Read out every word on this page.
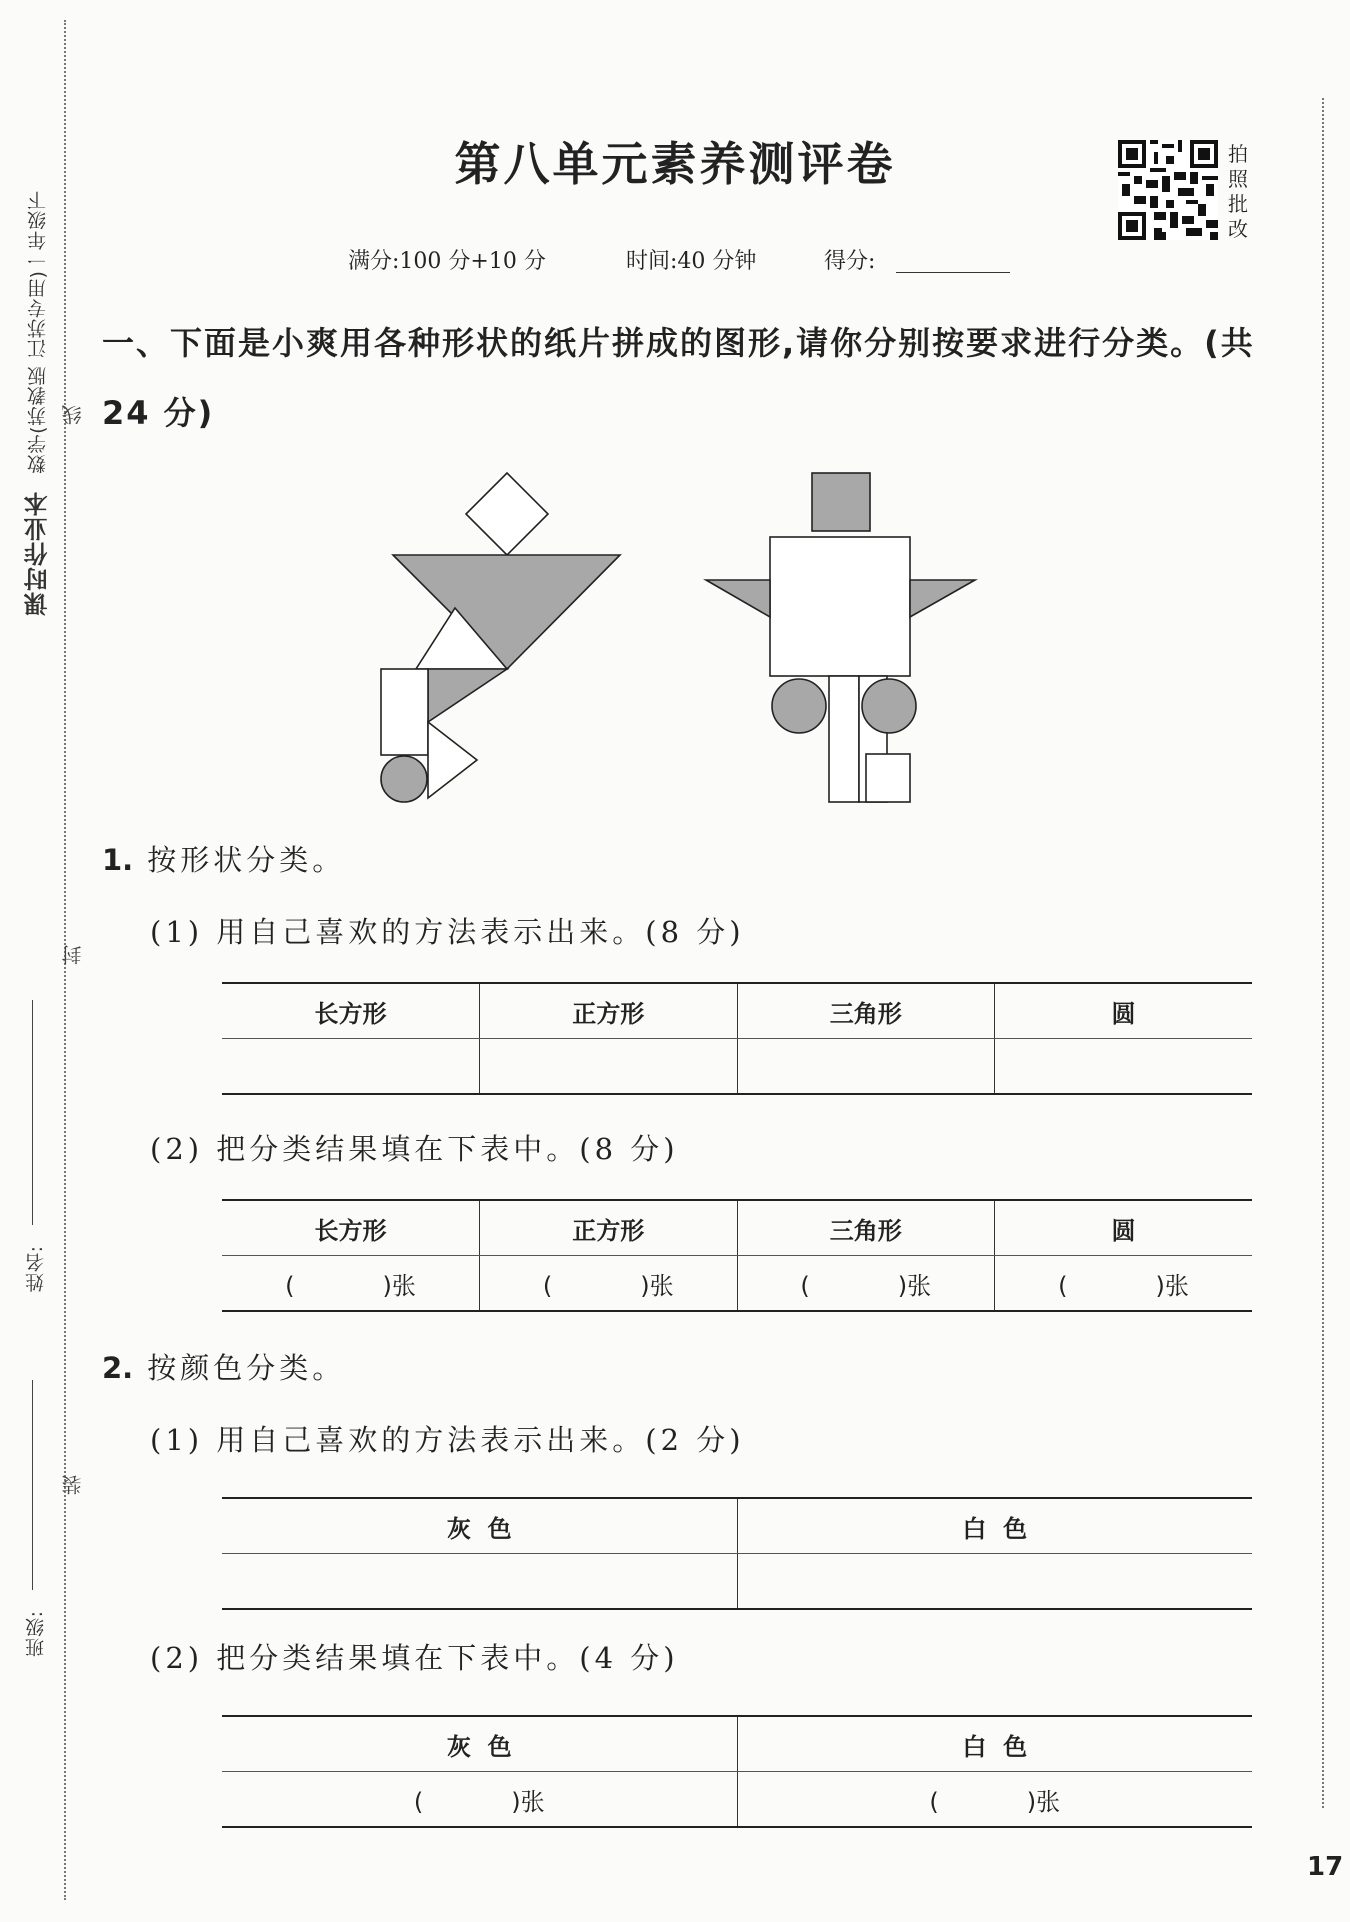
课时作业本 数学(苏教版 江苏专用)一年级下 线
封
装
姓名:
班级:
第八单元素养测评卷	拍照批改
满分:100 分+10 分	时间:40 分钟	得分:
一、下面是小爽用各种形状的纸片拼成的图形,请你分别按要求进行分类。(共 24 分)
1. 按形状分类。
(1) 用自己喜欢的方法表示出来。(8 分)
长方形	正方形	三角形	圆

(2) 把分类结果填在下表中。(8 分)
长方形	正方形	三角形	圆
( )张	( )张	( )张	( )张
2. 按颜色分类。
(1) 用自己喜欢的方法表示出来。(2 分)
灰  色	白  色

(2) 把分类结果填在下表中。(4 分)
灰  色	白  色
( )张	( )张
17
